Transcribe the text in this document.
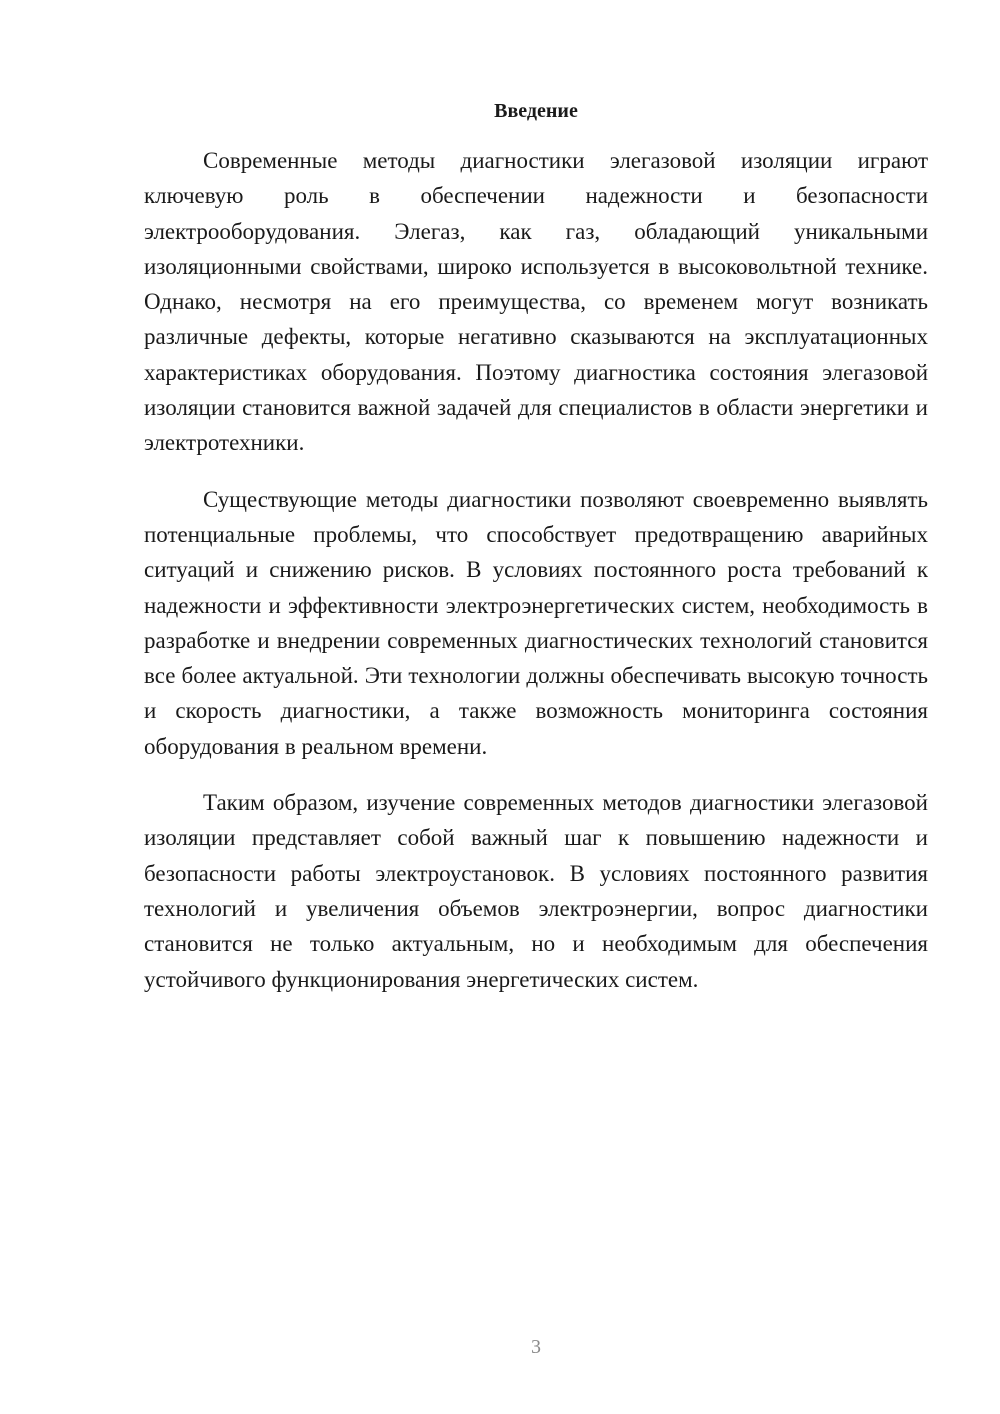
Введение

Современные методы диагностики элегазовой изоляции играют ключевую роль в обеспечении надежности и безопасности электрооборудования. Элегаз, как газ, обладающий уникальными изоляционными свойствами, широко используется в высоковольтной технике. Однако, несмотря на его преимущества, со временем могут возникать различные дефекты, которые негативно сказываются на эксплуатационных характеристиках оборудования. Поэтому диагностика состояния элегазовой изоляции становится важной задачей для специалистов в области энергетики и электротехники.

Существующие методы диагностики позволяют своевременно выявлять потенциальные проблемы, что способствует предотвращению аварийных ситуаций и снижению рисков. В условиях постоянного роста требований к надежности и эффективности электроэнергетических систем, необходимость в разработке и внедрении современных диагностических технологий становится все более актуальной. Эти технологии должны обеспечивать высокую точность и скорость диагностики, а также возможность мониторинга состояния оборудования в реальном времени.

Таким образом, изучение современных методов диагностики элегазовой изоляции представляет собой важный шаг к повышению надежности и безопасности работы электроустановок. В условиях постоянного развития технологий и увеличения объемов электроэнергии, вопрос диагностики становится не только актуальным, но и необходимым для обеспечения устойчивого функционирования энергетических систем.

3
